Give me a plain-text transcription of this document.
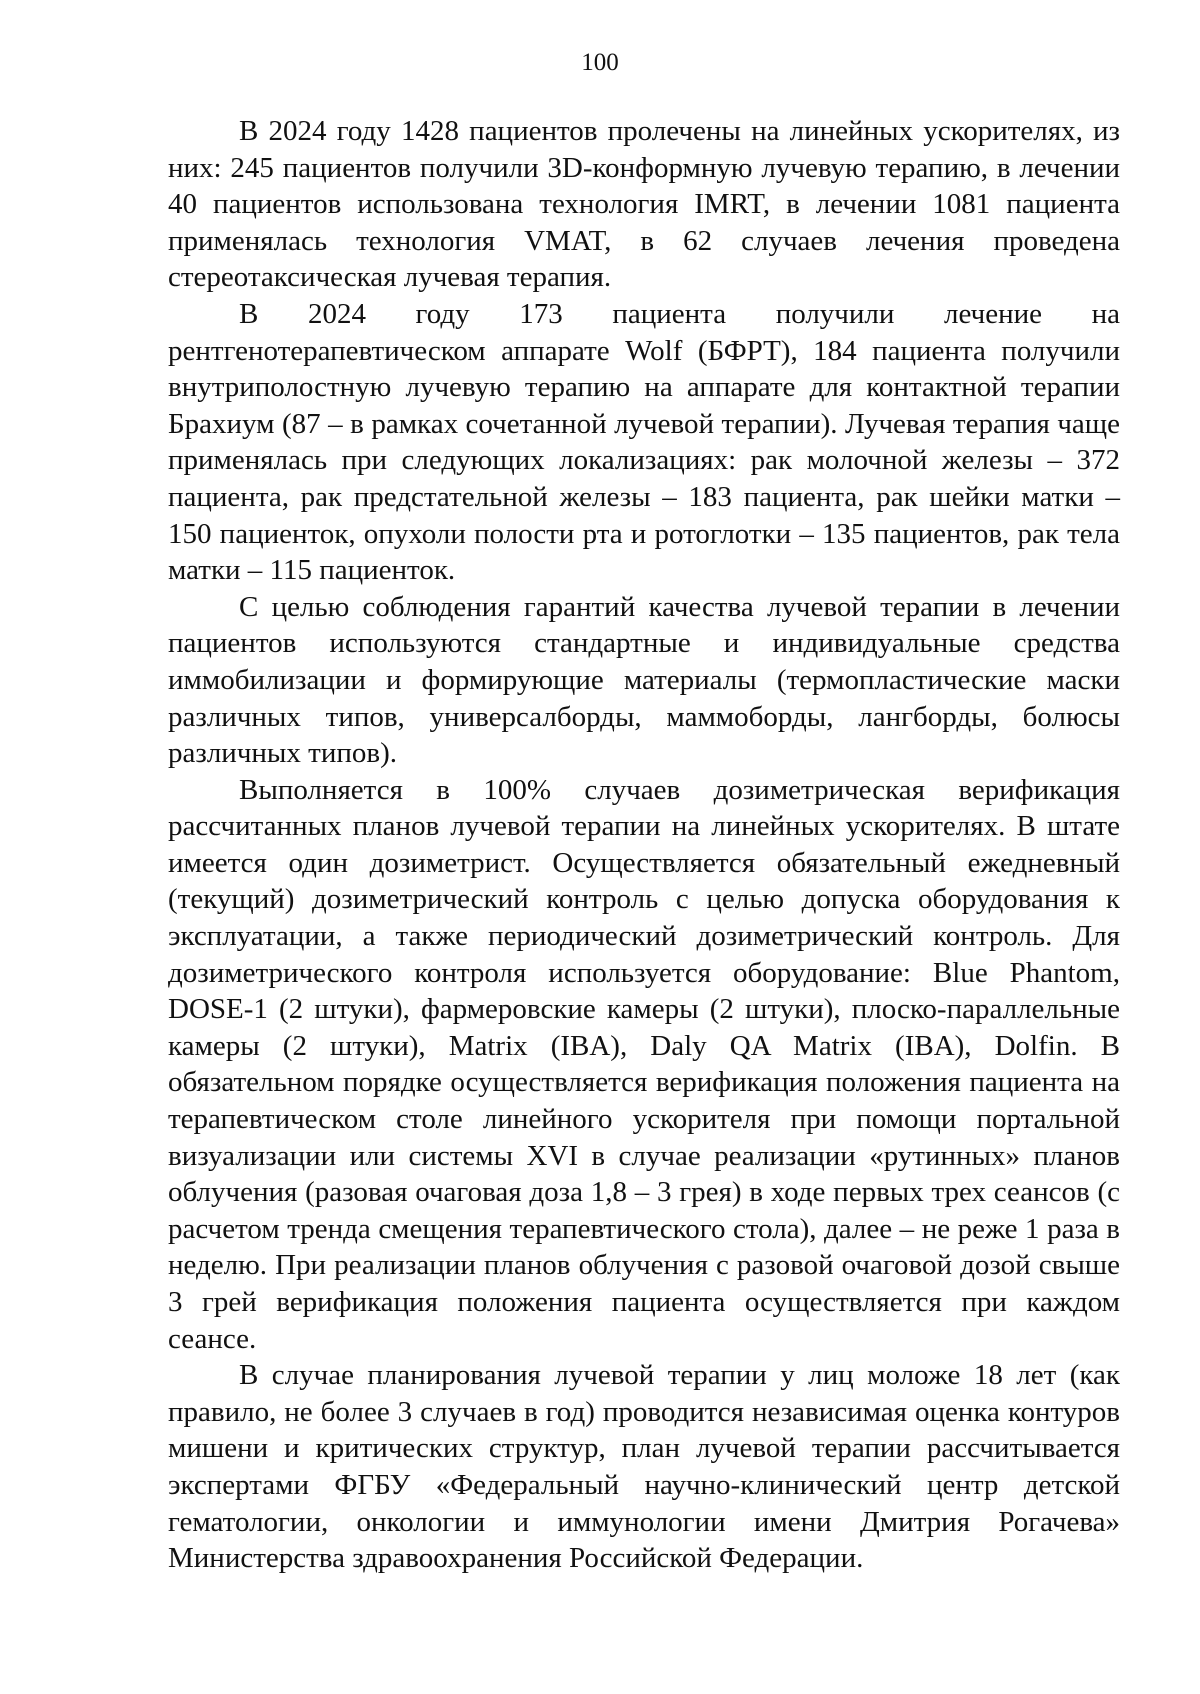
100

В 2024 году 1428 пациентов пролечены на линейных ускорителях, из них: 245 пациентов получили 3D-конформную лучевую терапию, в лечении 40 пациентов использована технология IMRT, в лечении 1081 пациента применялась технология VMAT, в 62 случаев лечения проведена стереотаксическая лучевая терапия.

В 2024 году 173 пациента получили лечение на рентгенотерапевтическом аппарате Wolf (БФРТ), 184 пациента получили внутриполостную лучевую терапию на аппарате для контактной терапии Брахиум (87 – в рамках сочетанной лучевой терапии). Лучевая терапия чаще применялась при следующих локализациях: рак молочной железы – 372 пациента, рак предстательной железы – 183 пациента, рак шейки матки – 150 пациенток, опухоли полости рта и ротоглотки – 135 пациентов, рак тела матки – 115 пациенток.

С целью соблюдения гарантий качества лучевой терапии в лечении пациентов используются стандартные и индивидуальные средства иммобилизации и формирующие материалы (термопластические маски различных типов, универсалборды, маммоборды, лангборды, болюсы различных типов).

Выполняется в 100% случаев дозиметрическая верификация рассчитанных планов лучевой терапии на линейных ускорителях. В штате имеется один дозиметрист. Осуществляется обязательный ежедневный (текущий) дозиметрический контроль с целью допуска оборудования к эксплуатации, а также периодический дозиметрический контроль. Для дозиметрического контроля используется оборудование: Blue Phantom, DOSE-1 (2 штуки), фармеровские камеры (2 штуки), плоско-параллельные камеры (2 штуки), Matrix (IBA), Daly QA Matrix (IBA), Dolfin. В обязательном порядке осуществляется верификация положения пациента на терапевтическом столе линейного ускорителя при помощи портальной визуализации или системы XVI в случае реализации «рутинных» планов облучения (разовая очаговая доза 1,8 – 3 грея) в ходе первых трех сеансов (с расчетом тренда смещения терапевтического стола), далее – не реже 1 раза в неделю. При реализации планов облучения с разовой очаговой дозой свыше 3 грей верификация положения пациента осуществляется при каждом сеансе.

В случае планирования лучевой терапии у лиц моложе 18 лет (как правило, не более 3 случаев в год) проводится независимая оценка контуров мишени и критических структур, план лучевой терапии рассчитывается экспертами ФГБУ «Федеральный научно-клинический центр детской гематологии, онкологии и иммунологии имени Дмитрия Рогачева» Министерства здравоохранения Российской Федерации.
